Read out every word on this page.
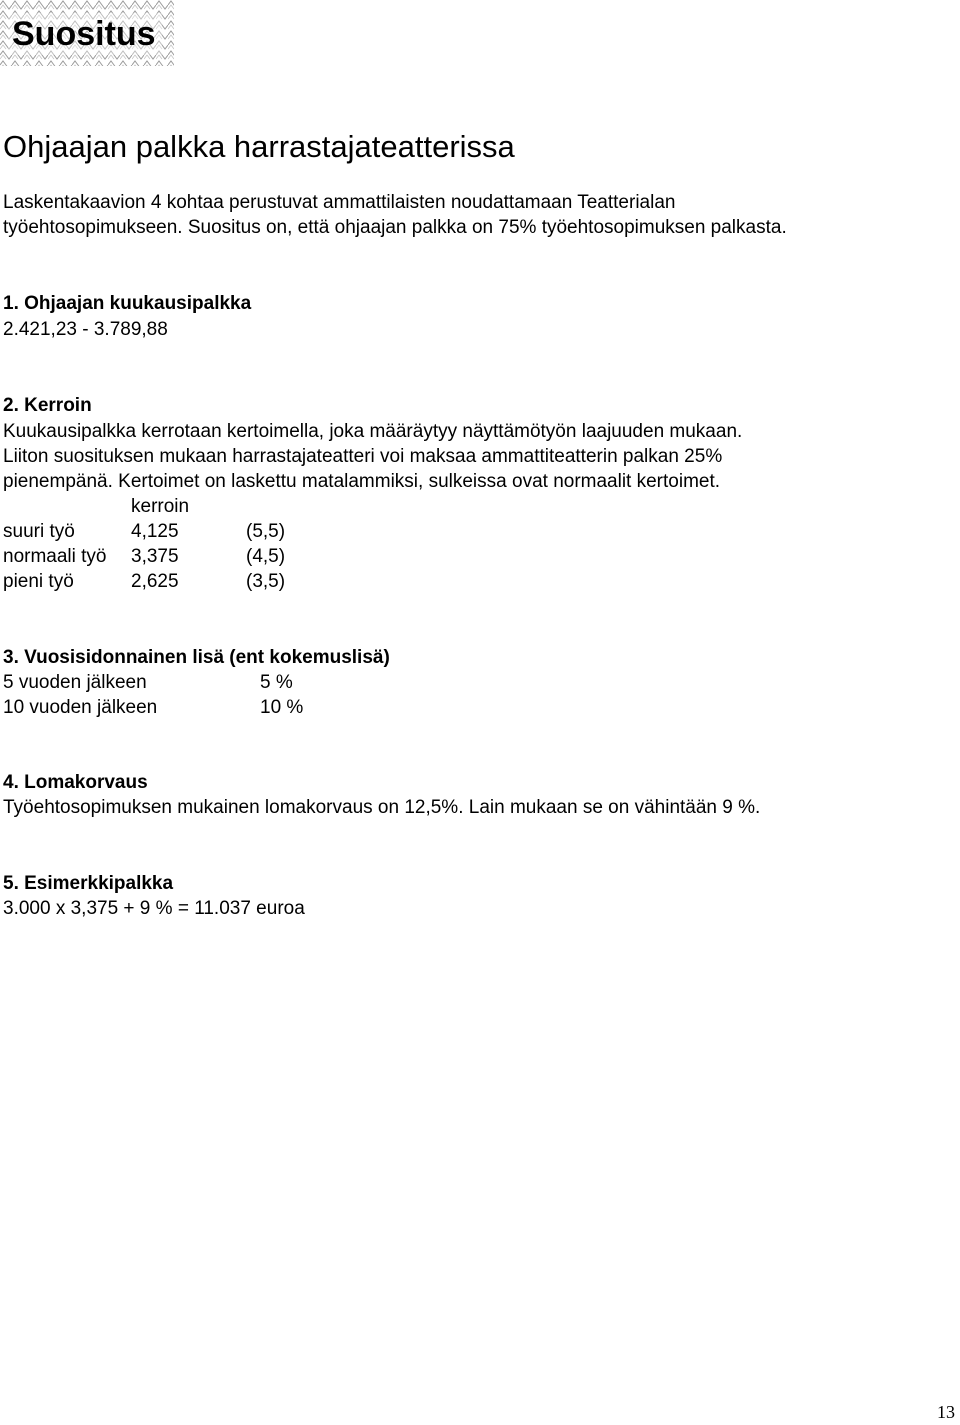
Suositus
Ohjaajan palkka harrastajateatterissa

Laskentakaavion 4 kohtaa perustuvat ammattilaisten noudattamaan Teatterialan

työehtosopimukseen. Suositus on, että ohjaajan palkka on 75% työehtosopimuksen palkasta.

1. Ohjaajan kuukausipalkka

2.421,23 - 3.789,88

2. Kerroin

Kuukausipalkka kerrotaan kertoimella, joka määräytyy näyttämötyön laajuuden mukaan.

Liiton suosituksen mukaan harrastajateatteri voi maksaa ammattiteatterin palkan 25%

pienempänä. Kertoimet on laskettu matalammiksi, sulkeissa ovat normaalit kertoimet.

kerroin
suuri työ	4,125	(5,5)
normaali työ 3,375	(4,5)
pieni työ	2,625	(3,5)

3. Vuosisidonnainen lisä (ent kokemuslisä)

5 vuoden jälkeen	5 %
10 vuoden jälkeen	10 %

4. Lomakorvaus

Työehtosopimuksen mukainen lomakorvaus on 12,5%. Lain mukaan se on vähintään 9 %.

5. Esimerkkipalkka

3.000 x 3,375 + 9 % = 11.037 euroa

13
